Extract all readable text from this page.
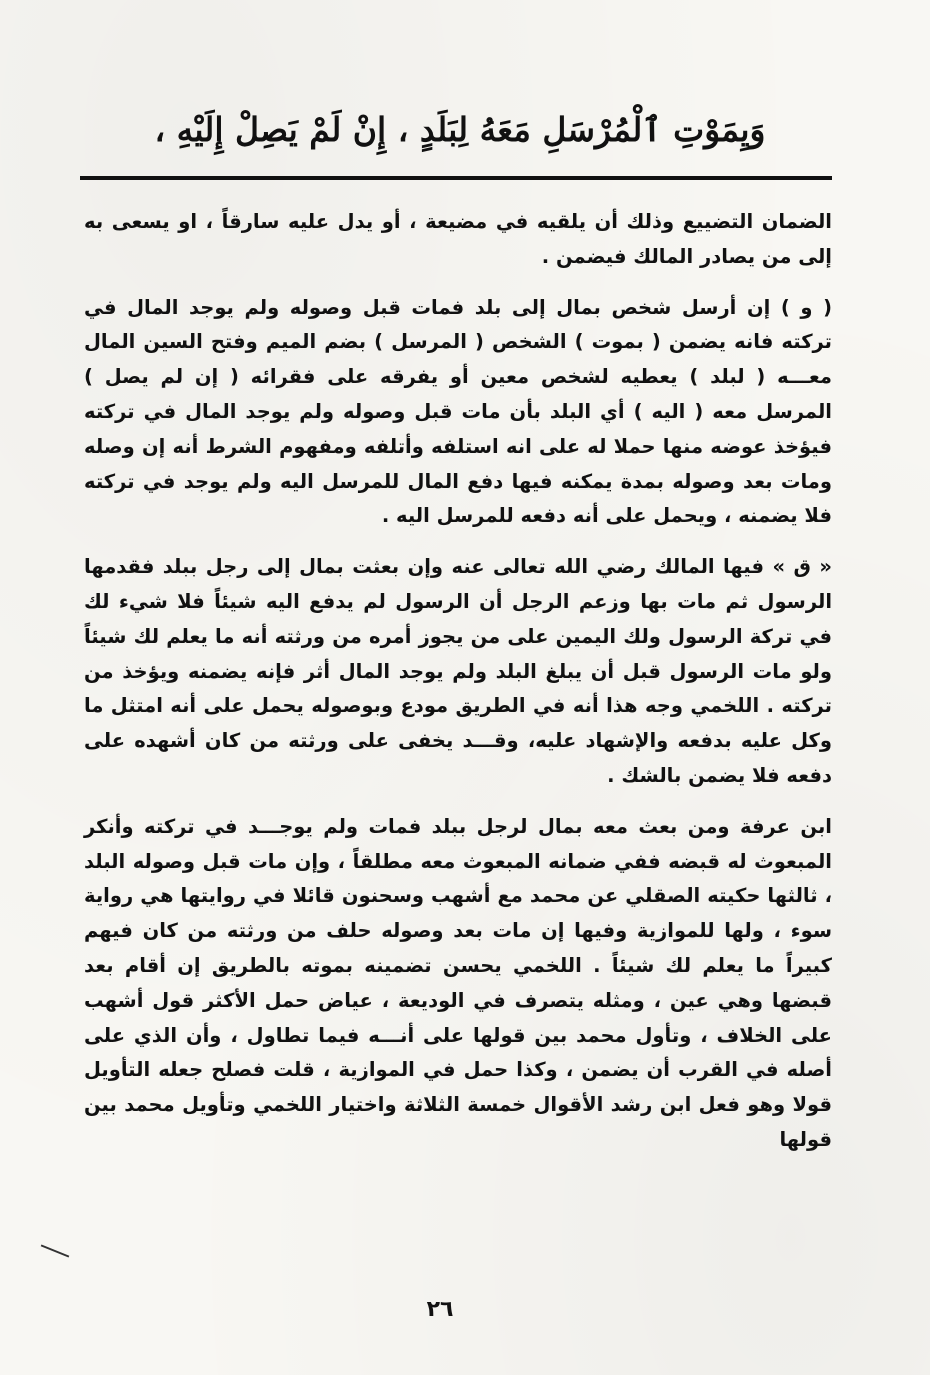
وَيِمَوْتِ ٱلْمُرْسَلِ مَعَهُ لِبَلَدٍ ، إِنْ لَمْ يَصِلْ إِلَيْهِ ،

الضمان التضييع وذلك أن يلقيه في مضيعة ، أو يدل عليه سارقاً ، او يسعى به إلى من يصادر المالك فيضمن .

( و ) إن أرسل شخص بمال إلى بلد فمات قبل وصوله ولم يوجد المال في تركته فانه يضمن ( بموت ) الشخص ( المرسل ) بضم الميم وفتح السين المال معـــه ( لبلد ) يعطيه لشخص معين أو يفرقه على فقرائه ( إن لم يصل ) المرسل معه ( اليه ) أي البلد بأن مات قبل وصوله ولم يوجد المال في تركته فيؤخذ عوضه منها حملا له على انه استلفه وأتلفه ومفهوم الشرط أنه إن وصله ومات بعد وصوله بمدة يمكنه فيها دفع المال للمرسل اليه ولم يوجد في تركته فلا يضمنه ، ويحمل على أنه دفعه للمرسل اليه .

« ق » فيها المالك رضي الله تعالى عنه وإن بعثت بمال إلى رجل ببلد فقدمها الرسول ثم مات بها وزعم الرجل أن الرسول لم يدفع اليه شيئاً فلا شيء لك في تركة الرسول ولك اليمين على من يجوز أمره من ورثته أنه ما يعلم لك شيئاً ولو مات الرسول قبل أن يبلغ البلد ولم يوجد المال أثر فإنه يضمنه ويؤخذ من تركته . اللخمي وجه هذا أنه في الطريق مودع وبوصوله يحمل على أنه امتثل ما وكل عليه بدفعه والإشهاد عليه، وقـــد يخفى على ورثته من كان أشهده على دفعه فلا يضمن بالشك .

ابن عرفة ومن بعث معه بمال لرجل ببلد فمات ولم يوجـــد في تركته وأنكر المبعوث له قبضه ففي ضمانه المبعوث معه مطلقاً ، وإن مات قبل وصوله البلد ، ثالثها حكيته الصقلي عن محمد مع أشهب وسحنون قائلا في روايتها هي رواية سوء ، ولها للموازية وفيها إن مات بعد وصوله حلف من ورثته من كان فيهم كبيراً ما يعلم لك شيئاً . اللخمي يحسن تضمينه بموته بالطريق إن أقام بعد قبضها وهي عين ، ومثله يتصرف في الوديعة ، عياض حمل الأكثر قول أشهب على الخلاف ، وتأول محمد بين قولها على أنـــه فيما تطاول ، وأن الذي على أصله في القرب أن يضمن ، وكذا حمل في الموازية ، قلت فصلح جعله التأويل قولا وهو فعل ابن رشد الأقوال خمسة الثلاثة واختيار اللخمي وتأويل محمد بين قولها

٢٦
